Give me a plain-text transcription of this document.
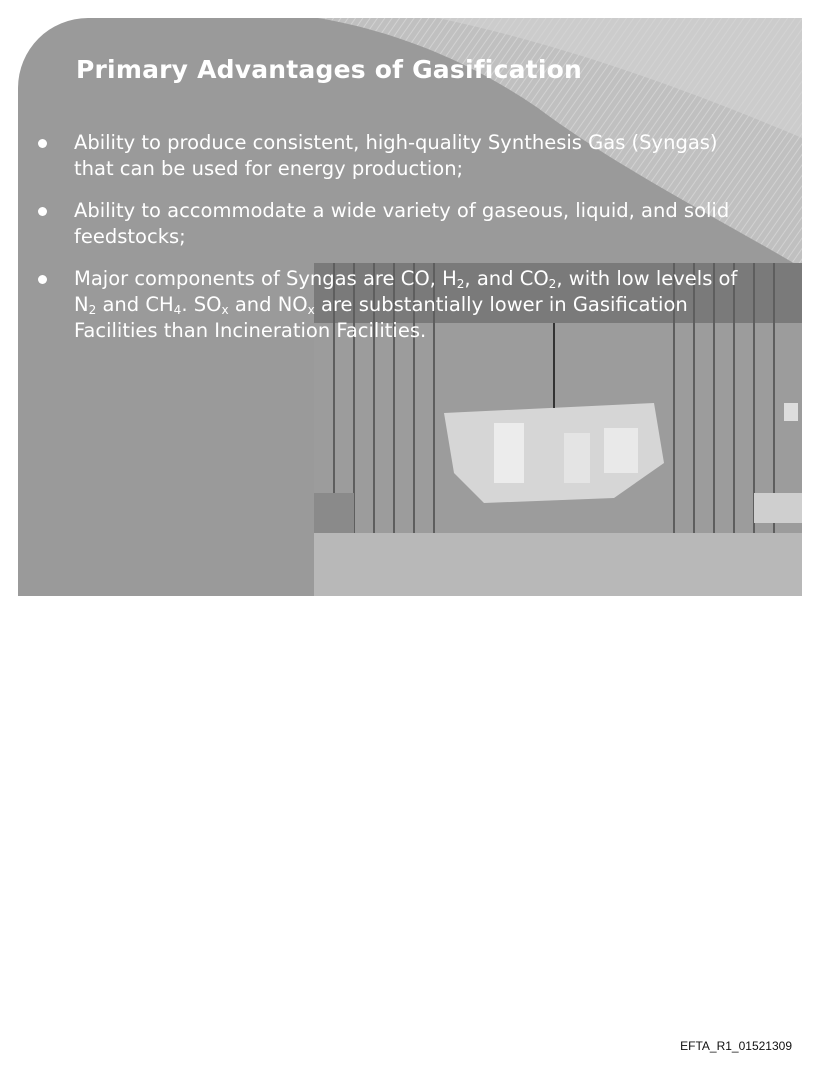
Primary Advantages of Gasification
Ability to produce consistent, high-quality Synthesis Gas (Syngas) that can be used for energy production;
Ability to accommodate a wide variety of gaseous, liquid, and solid feedstocks;
Major components of Syngas are CO, $H_2$, and $CO_2$, with low levels of $N_2$ and $CH_4$. $SO_x$ and $NO_x$ are substantially lower in Gasification Facilities than Incineration Facilities.
EFTA_R1_01521309
